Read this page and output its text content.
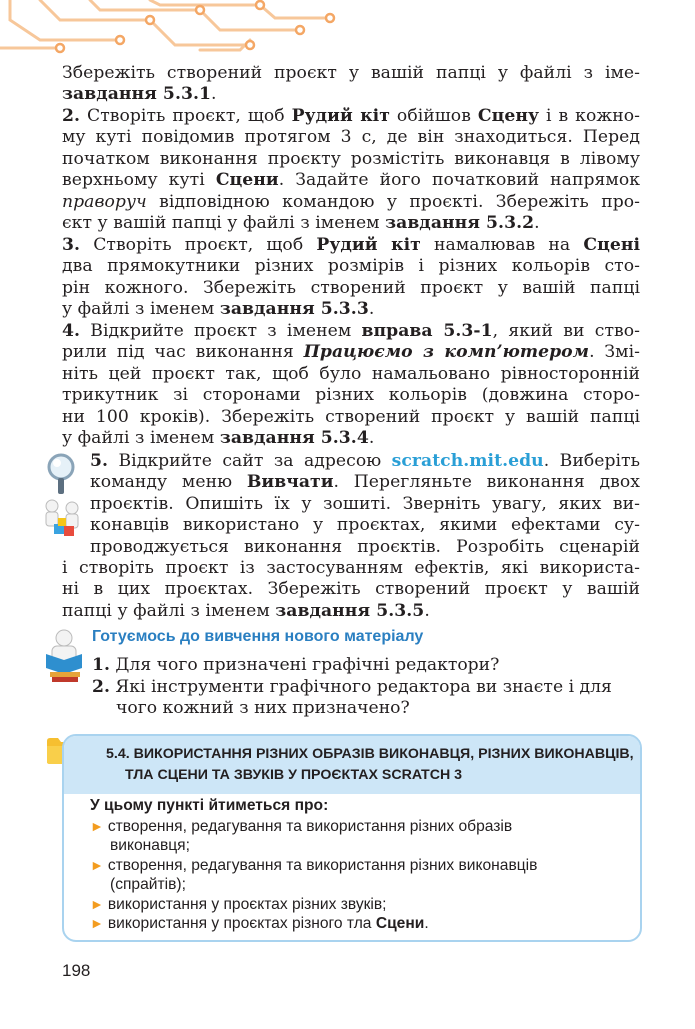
Збережіть створений проєкт у вашій папці у файлі з іме-
завдання 5.3.1.
2. Створіть проєкт, щоб Рудий кіт обійшов Сцену і в кожно-
му куті повідомив протягом 3 с, де він знаходиться. Перед
початком виконання проєкту розмістіть виконавця в лівому
верхньому куті Сцени. Задайте його початковий напрямок
праворуч відповідною командою у проєкті. Збережіть про-
єкт у вашій папці у файлі з іменем завдання 5.3.2.
3. Створіть проєкт, щоб Рудий кіт намалював на Сцені
два прямокутники різних розмірів і різних кольорів сто-
рін кожного. Збережіть створений проєкт у вашій папці
у файлі з іменем завдання 5.3.3.
4. Відкрийте проєкт з іменем вправа 5.3-1, який ви ство-
рили під час виконання Працюємо з комп’ютером. Змі-
ніть цей проєкт так, щоб було намальовано рівносторонній
трикутник зі сторонами різних кольорів (довжина сторо-
ни 100 кроків). Збережіть створений проєкт у вашій папці
у файлі з іменем завдання 5.3.4.
5. Відкрийте сайт за адресою scratch.mit.edu. Виберіть
команду меню Вивчати. Перегляньте виконання двох
проєктів. Опишіть їх у зошиті. Зверніть увагу, яких ви-
конавців використано у проєктах, якими ефектами су-
проводжується виконання проєктів. Розробіть сценарій
і створіть проєкт із застосуванням ефектів, які використа-
ні в цих проєктах. Збережіть створений проєкт у вашій
папці у файлі з іменем завдання 5.3.5.
Готуємось до вивчення нового матеріалу
1. Для чого призначені графічні редактори?
2. Які інструменти графічного редактора ви знаєте і для
чого кожний з них призначено?
5.4. ВИКОРИСТАННЯ РІЗНИХ ОБРАЗІВ ВИКОНАВЦЯ, РІЗНИХ ВИКОНАВЦІВ,
ТЛА СЦЕНИ ТА ЗВУКІВ У ПРОЄКТАХ SCRATCH 3
У цьому пункті йтиметься про:
► створення, редагування та використання різних образів
виконавця;
► створення, редагування та використання різних виконавців
(спрайтів);
► використання у проєктах різних звуків;
► використання у проєктах різного тла Сцени.
198
